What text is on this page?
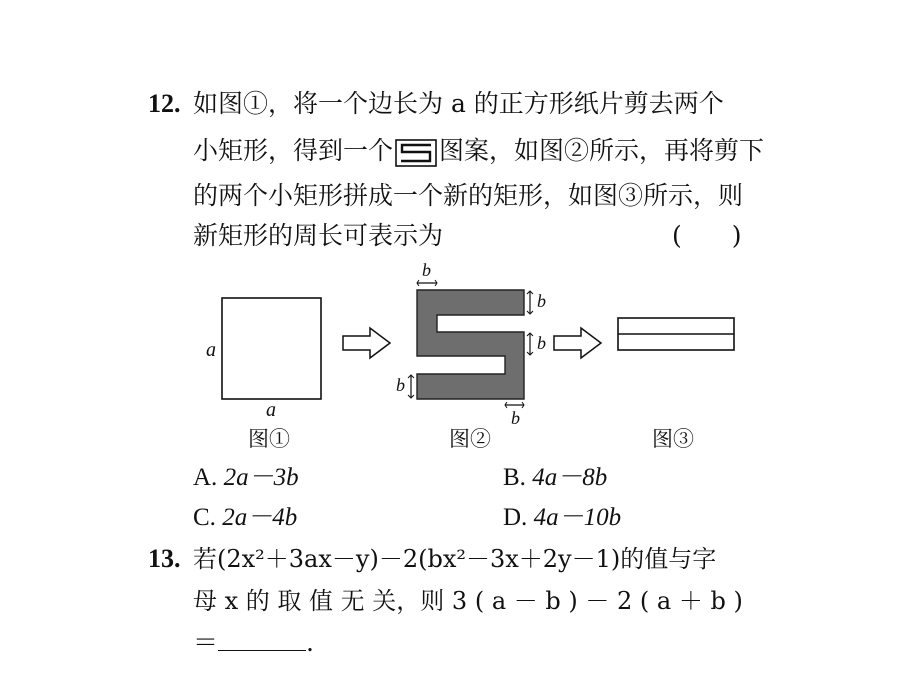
12. 如图①，将一个边长为 a 的正方形纸片剪去两个
小矩形，得到一个 图案，如图②所示，再将剪下
的两个小矩形拼成一个新的矩形，如图③所示，则
新矩形的周长可表示为	(　　)
a
a
图①
b
b
b
b
b
图②	图③
A. 2a－3b	B. 4a－8b
C. 2a－4b	D. 4a－10b
13. 若(2x²＋3ax－y)－2(bx²－3x＋2y－1)的值与字
母 x 的 取 值 无 关，则 3 ( a － b ) － 2 ( a ＋ b )
＝	.
